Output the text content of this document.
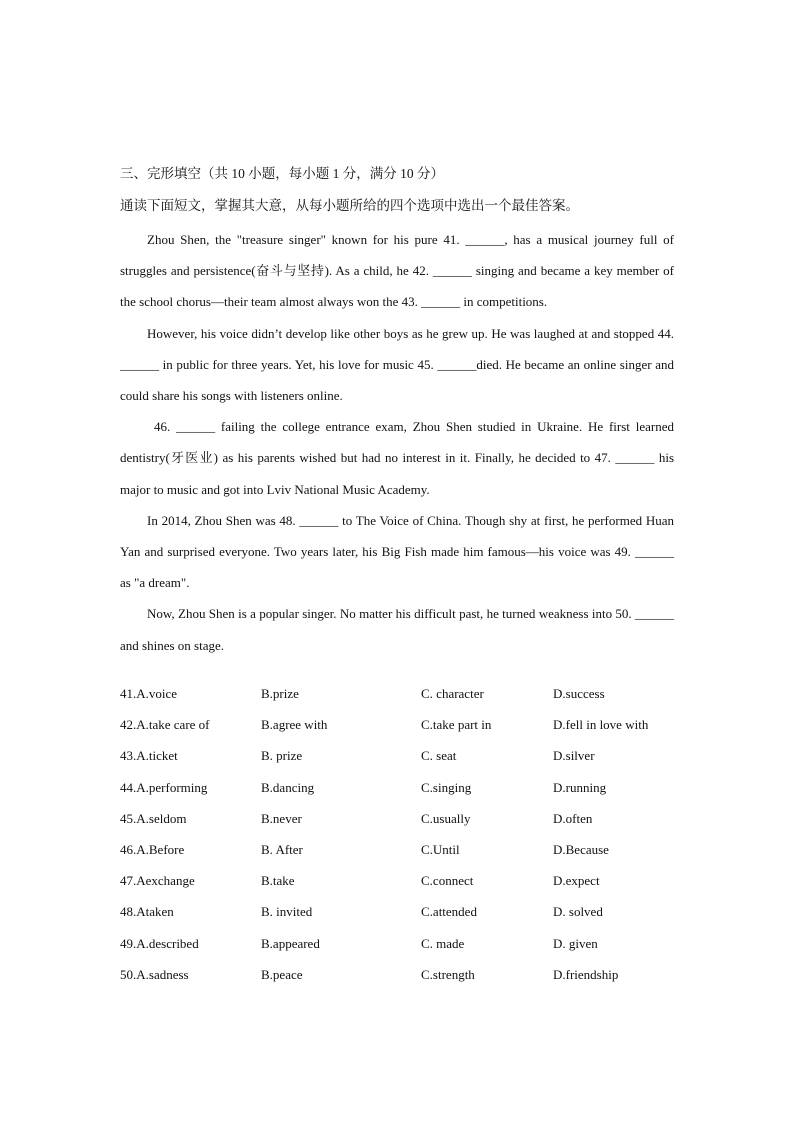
三、完形填空（共 10 小题，每小题 1 分，满分 10 分）
通读下面短文，掌握其大意，从每小题所给的四个选项中选出一个最佳答案。

Zhou Shen, the "treasure singer" known for his pure 41. ______, has a musical journey full of struggles and persistence(奋斗与坚持). As a child, he 42. ______ singing and became a key member of the school chorus—their team almost always won the 43. ______ in competitions.

However, his voice didn’t develop like other boys as he grew up. He was laughed at and stopped 44. ______ in public for three years. Yet, his love for music 45. ______died. He became an online singer and could share his songs with listeners online.

46. ______ failing the college entrance exam, Zhou Shen studied in Ukraine. He first learned dentistry(牙医业) as his parents wished but had no interest in it. Finally, he decided to 47. ______ his major to music and got into Lviv National Music Academy.

In 2014, Zhou Shen was 48. ______ to The Voice of China. Though shy at first, he performed Huan Yan and surprised everyone. Two years later, his Big Fish made him famous—his voice was 49. ______ as "a dream".

Now, Zhou Shen is a popular singer. No matter his difficult past, he turned weakness into 50. ______ and shines on stage.

41.A.voice	B.prize	C. character	D.success
42.A.take care of	B.agree with	C.take part in	D.fell in love with
43.A.ticket	B. prize	C. seat	D.silver
44.A.performing	B.dancing	C.singing	D.running
45.A.seldom	B.never	C.usually	D.often
46.A.Before	B. After	C.Until	D.Because
47.Aexchange	B.take	C.connect	D.expect
48.Ataken	B. invited	C.attended	D. solved
49.A.described	B.appeared	C. made	D. given
50.A.sadness	B.peace	C.strength	D.friendship
